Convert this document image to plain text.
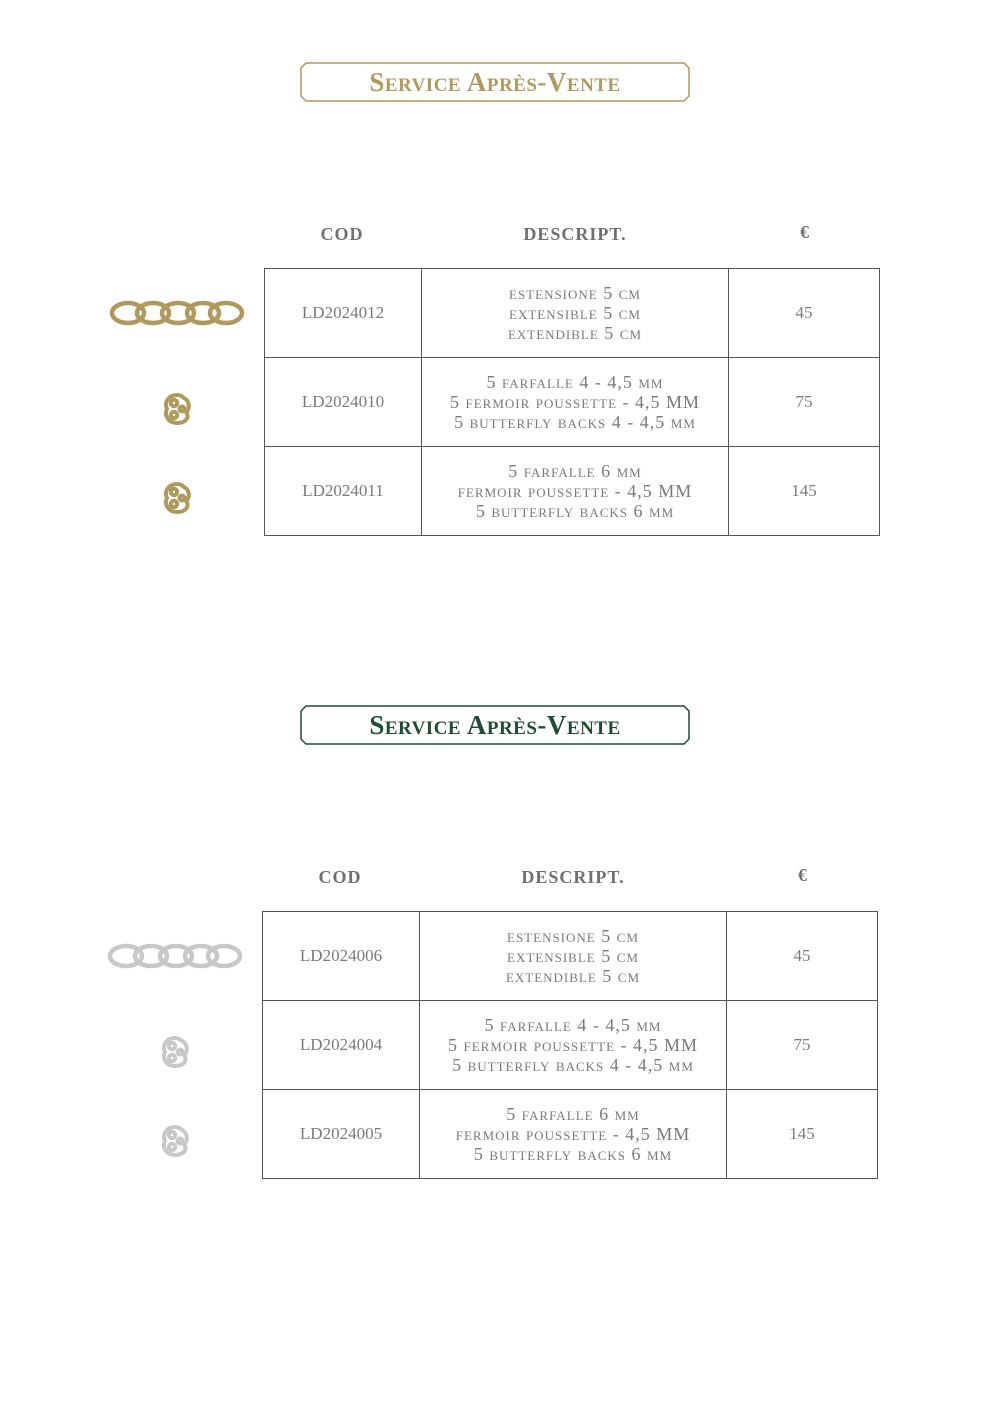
Service Après-Vente
COD	DESCRIPT.	€
LD2024012	estensione 5 cm
extensible 5 cm
extendible 5 cm	45
LD2024010	5 farfalle 4 - 4,5 mm
5 fermoir poussette - 4,5 MM
5 butterfly backs 4 - 4,5 mm	75
LD2024011	5 farfalle 6 mm
fermoir poussette - 4,5 MM
5 butterfly backs 6 mm	145
Service Après-Vente
COD	DESCRIPT.	€
LD2024006	estensione 5 cm
extensible 5 cm
extendible 5 cm	45
LD2024004	5 farfalle 4 - 4,5 mm
5 fermoir poussette - 4,5 MM
5 butterfly backs 4 - 4,5 mm	75
LD2024005	5 farfalle 6 mm
fermoir poussette - 4,5 MM
5 butterfly backs 6 mm	145
